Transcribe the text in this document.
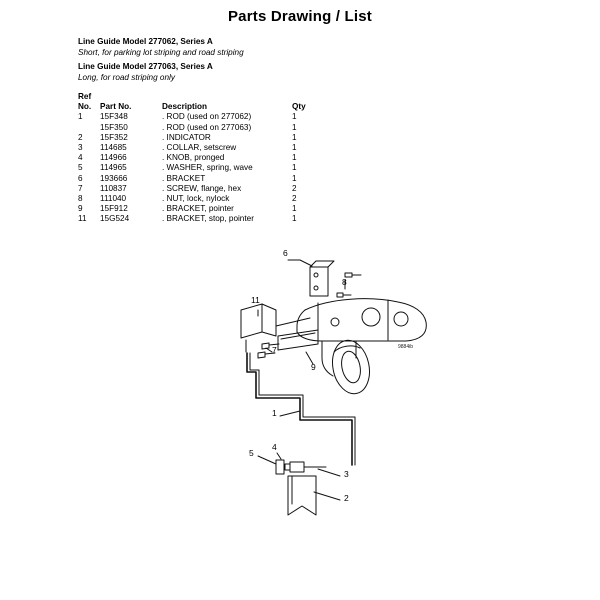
Parts Drawing / List
Line Guide Model 277062, Series A
Short, for parking lot striping and road striping
Line Guide Model 277063, Series A
Long, for road striping only
Ref			
No.	Part No.	Description	Qty
1	15F348	. ROD (used on 277062)	1
	15F350	. ROD (used on 277063)	1
2	15F352	. INDICATOR	1
3	114685	. COLLAR, setscrew	1
4	114966	. KNOB, pronged	1
5	114965	. WASHER, spring, wave	1
6	193666	. BRACKET	1
7	110837	. SCREW, flange, hex	2
8	111040	. NUT, lock, nylock	2
9	15F912	. BRACKET, pointer	1
11	15G524	. BRACKET, stop, pointer	1
6
8
11
7
9
1
5
4
3
2
9884ib
